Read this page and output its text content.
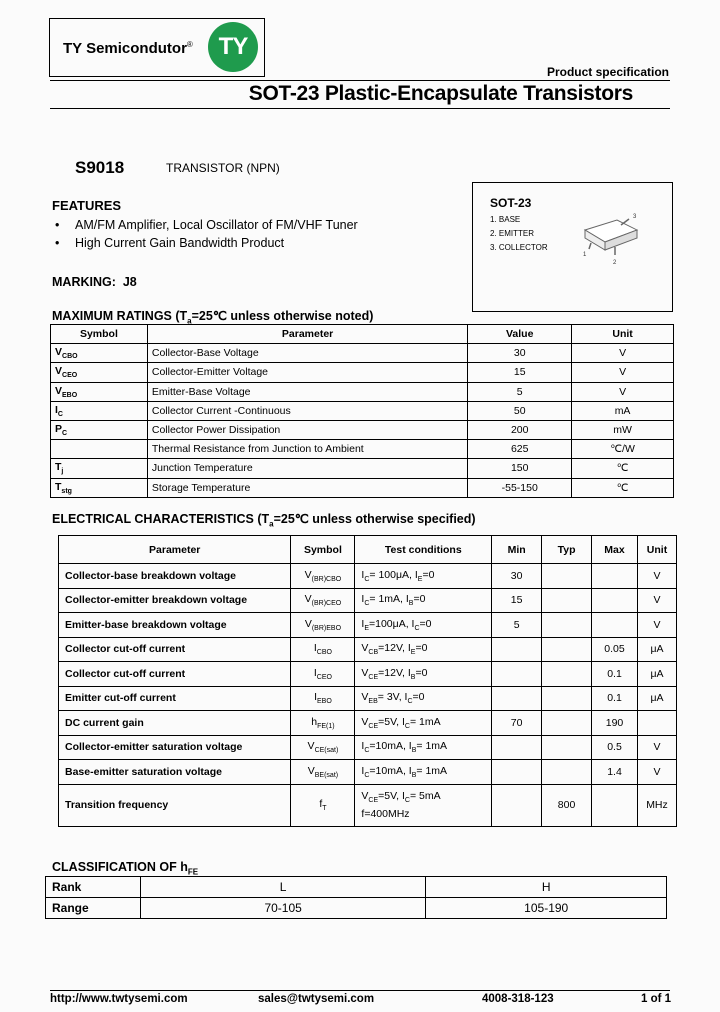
TY Semicondutor®	TY
Product specification
SOT-23 Plastic-Encapsulate Transistors
S9018	TRANSISTOR (NPN)
SOT-23
1. BASE
2. EMITTER
3. COLLECTOR
3
1
2
FEATURES
• AM/FM Amplifier, Local Oscillator of FM/VHF Tuner
• High Current Gain Bandwidth Product
MARKING: J8
MAXIMUM RATINGS ($T_a=25℃$ unless otherwise noted)
Symbol	Parameter	Value	Unit
$V_{CBO}$	Collector-Base Voltage	30	V
$V_{CEO}$	Collector-Emitter Voltage	15	V
$V_{EBO}$	Emitter-Base Voltage	5	V
$I_C$	Collector Current -Continuous	50	mA
$P_C$	Collector Power Dissipation	200	mW
	Thermal Resistance from Junction to Ambient	625	℃/W
$T_j$	Junction Temperature	150	℃
$T_{stg}$	Storage Temperature	-55-150	℃
ELECTRICAL CHARACTERISTICS ($T_a=25℃$ unless otherwise specified)
Parameter	Symbol	Test conditions	Min	Typ	Max	Unit
Collector-base breakdown voltage	$V_{(BR)CBO}$	$I_C= 100\mu A$, $I_E=0$	30			V
Collector-emitter breakdown voltage	$V_{(BR)CEO}$	$I_C= 1mA$, $I_B=0$	15			V
Emitter-base breakdown voltage	$V_{(BR)EBO}$	$I_E=100\mu A$, $I_C=0$	5			V
Collector cut-off current	$I_{CBO}$	$V_{CB}=12V$, $I_E=0$			0.05	μA
Collector cut-off current	$I_{CEO}$	$V_{CE}=12V$, $I_B=0$			0.1	μA
Emitter cut-off current	$I_{EBO}$	$V_{EB}= 3V$, $I_C=0$			0.1	μA
DC current gain	$h_{FE(1)}$	$V_{CE}=5V$, $I_C= 1mA$	70		190	
Collector-emitter saturation voltage	$V_{CE(sat)}$	$I_C=10mA$, $I_B= 1mA$			0.5	V
Base-emitter saturation voltage	$V_{BE(sat)}$	$I_C=10mA$, $I_B= 1mA$			1.4	V
Transition frequency	$f_T$	$V_{CE}=5V$, $I_C= 5mA$
f=400MHz		800		MHz
CLASSIFICATION OF $h_{FE}$
Rank	L	H
Range	70-105	105-190
http://www.twtysemi.com	sales@twtysemi.com	4008-318-123	1 of 1
